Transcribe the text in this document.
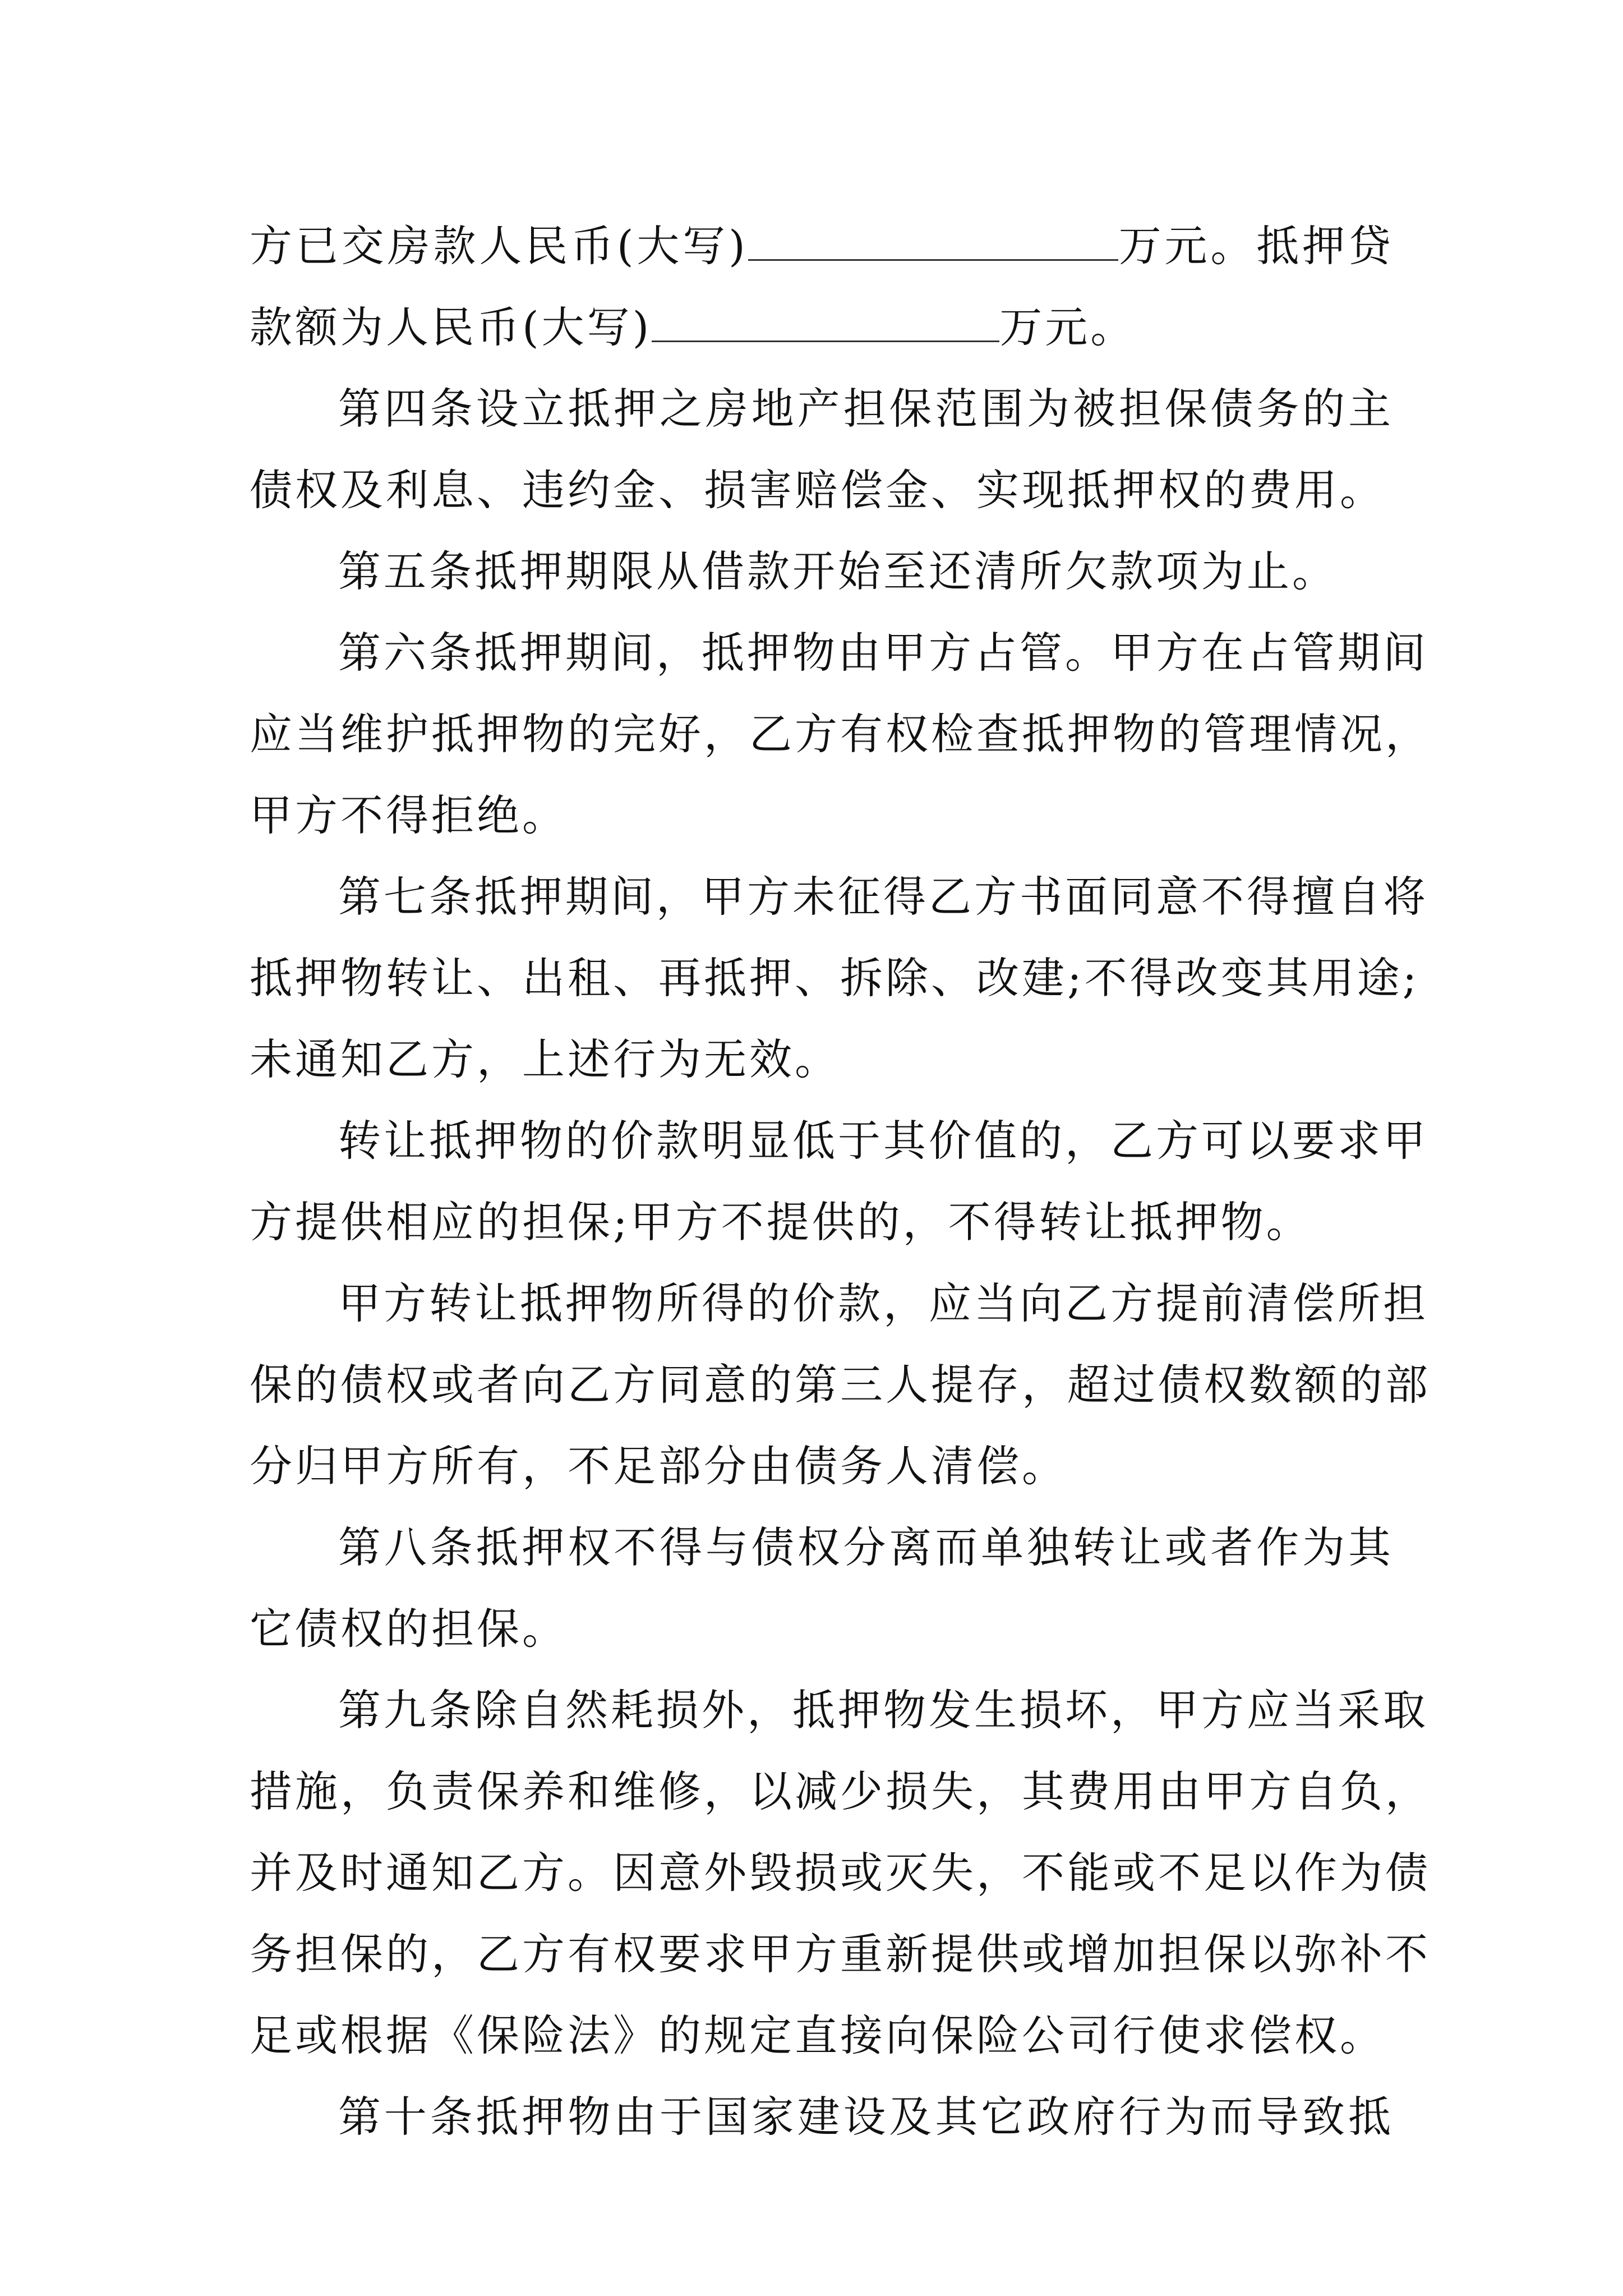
方已交房款人民币(大写)	万元。抵押贷
款额为人民币(大写)	万元。
第四条设立抵押之房地产担保范围为被担保债务的主
债权及利息、违约金、损害赔偿金、实现抵押权的费用。
第五条抵押期限从借款开始至还清所欠款项为止。
第六条抵押期间，抵押物由甲方占管。甲方在占管期间
应当维护抵押物的完好，乙方有权检查抵押物的管理情况，
甲方不得拒绝。
第七条抵押期间，甲方未征得乙方书面同意不得擅自将
抵押物转让、出租、再抵押、拆除、改建;不得改变其用途;
未通知乙方，上述行为无效。
转让抵押物的价款明显低于其价值的，乙方可以要求甲
方提供相应的担保;甲方不提供的，不得转让抵押物。
甲方转让抵押物所得的价款，应当向乙方提前清偿所担
保的债权或者向乙方同意的第三人提存，超过债权数额的部
分归甲方所有，不足部分由债务人清偿。
第八条抵押权不得与债权分离而单独转让或者作为其
它债权的担保。
第九条除自然耗损外，抵押物发生损坏，甲方应当采取
措施，负责保养和维修，以减少损失，其费用由甲方自负，
并及时通知乙方。因意外毁损或灭失，不能或不足以作为债
务担保的，乙方有权要求甲方重新提供或增加担保以弥补不
足或根据《保险法》的规定直接向保险公司行使求偿权。
第十条抵押物由于国家建设及其它政府行为而导致抵
